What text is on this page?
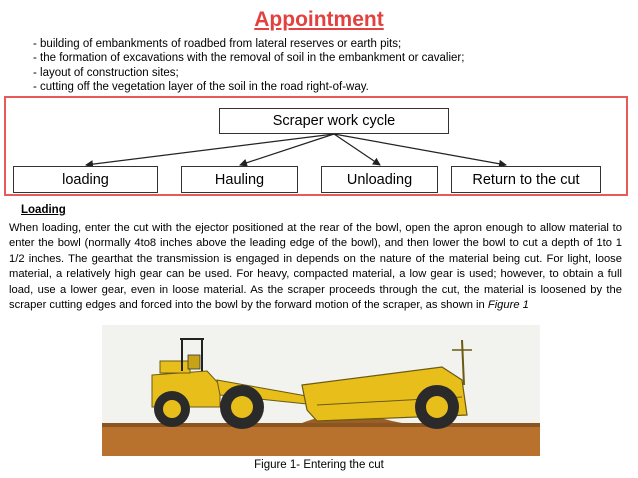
Appointment
- building of embankments of roadbed from lateral reserves or earth pits;
- the formation of excavations with the removal of soil in the embankment or cavalier;
- layout of construction sites;
- cutting off the vegetation layer of the soil in the road right-of-way.
Scraper work cycle
loading	Hauling	Unloading	Return to the cut
Loading

When loading, enter the cut with the ejector positioned at the rear of the bowl, open the apron enough to allow material to enter the bowl (normally 4to8 inches above the leading edge of the bowl), and then lower the bowl to cut a depth of 1to 1 1/2 inches. The gearthat the transmission is engaged in depends on the nature of the material being cut. For light, loose material, a relatively high gear can be used. For heavy, compacted material, a low gear is used; however, to obtain a full load, use a lower gear, even in loose material. As the scraper proceeds through the cut, the material is loosened by the scraper cutting edges and forced into the bowl by the forward motion of the scraper, as shown in Figure 1

Figure 1- Entering the cut
